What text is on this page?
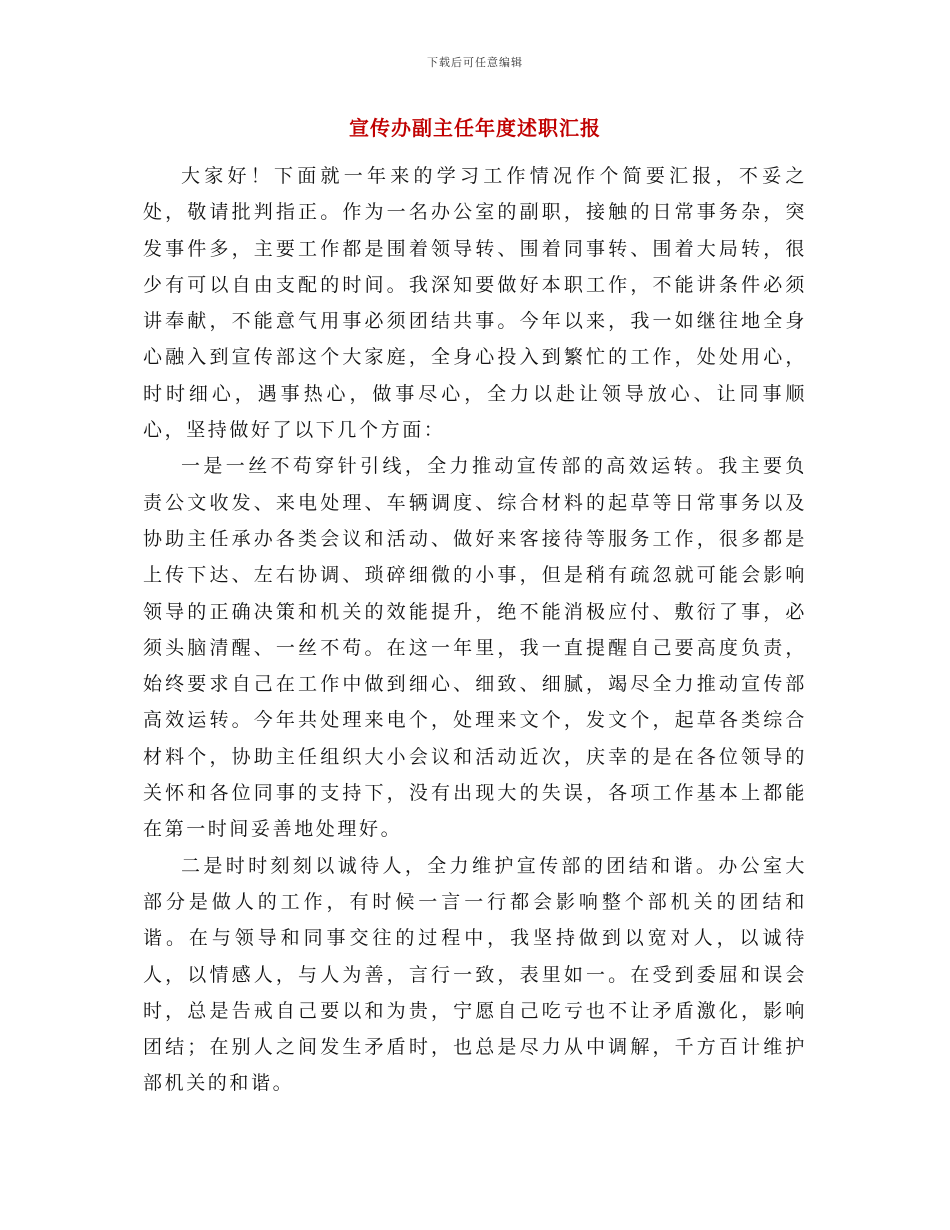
下载后可任意编辑
宣传办副主任年度述职汇报

大家好！下面就一年来的学习工作情况作个简要汇报，不妥之处，敬请批判指正。作为一名办公室的副职，接触的日常事务杂，突发事件多，主要工作都是围着领导转、围着同事转、围着大局转，很少有可以自由支配的时间。我深知要做好本职工作，不能讲条件必须讲奉献，不能意气用事必须团结共事。今年以来，我一如继往地全身心融入到宣传部这个大家庭，全身心投入到繁忙的工作，处处用心，时时细心，遇事热心，做事尽心，全力以赴让领导放心、让同事顺心，坚持做好了以下几个方面：

一是一丝不苟穿针引线，全力推动宣传部的高效运转。我主要负责公文收发、来电处理、车辆调度、综合材料的起草等日常事务以及协助主任承办各类会议和活动、做好来客接待等服务工作，很多都是上传下达、左右协调、琐碎细微的小事，但是稍有疏忽就可能会影响领导的正确决策和机关的效能提升，绝不能消极应付、敷衍了事，必须头脑清醒、一丝不苟。在这一年里，我一直提醒自己要高度负责，始终要求自己在工作中做到细心、细致、细腻，竭尽全力推动宣传部高效运转。今年共处理来电个，处理来文个，发文个，起草各类综合材料个，协助主任组织大小会议和活动近次，庆幸的是在各位领导的关怀和各位同事的支持下，没有出现大的失误，各项工作基本上都能在第一时间妥善地处理好。

二是时时刻刻以诚待人，全力维护宣传部的团结和谐。办公室大部分是做人的工作，有时候一言一行都会影响整个部机关的团结和谐。在与领导和同事交往的过程中，我坚持做到以宽对人，以诚待人，以情感人，与人为善，言行一致，表里如一。在受到委屈和误会时，总是告戒自己要以和为贵，宁愿自己吃亏也不让矛盾激化，影响团结；在别人之间发生矛盾时，也总是尽力从中调解，千方百计维护部机关的和谐。
